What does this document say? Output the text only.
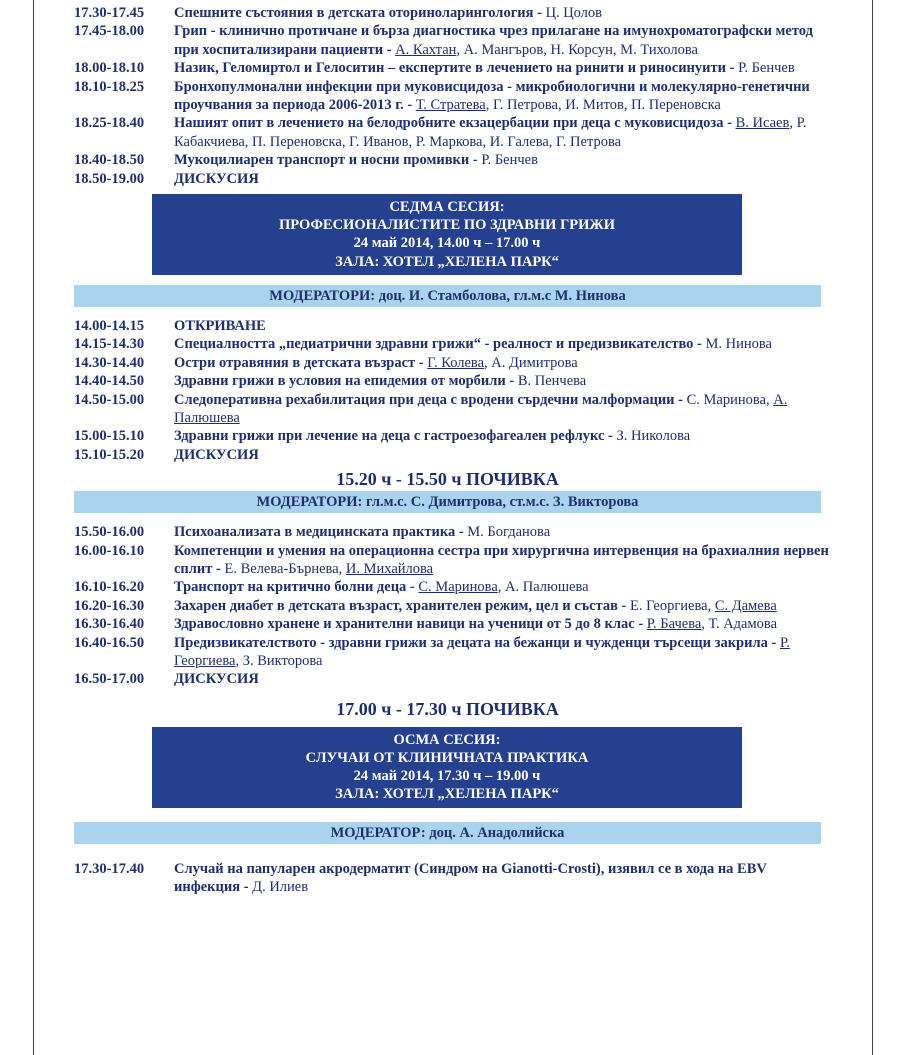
17.30-17.45	Спешните състояния в детската оториноларингология - Ц. Цолов
17.45-18.00	Грип - клинично протичане и бърза диагностика чрез прилагане на имунохроматографски метод при хоспитализирани пациенти - А. Кахтан, А. Мангъров, Н. Корсун, М. Тихолова
18.00-18.10	Назик, Геломиртол и Гелоситин – експертите в лечението на ринити и риносинуити - Р. Бенчев
18.10-18.25	Бронхопулмонални инфекции при муковисцидоза - микробиологични и молекулярно-генетични проучвания за периода 2006-2013 г. - Т. Стратева, Г. Петрова, И. Митов, П. Переновска
18.25-18.40	Нашият опит в лечението на белодробните екзацербации при деца с муковисцидоза - В. Исаев, Р. Кабакчиева, П. Переновска, Г. Иванов, Р. Маркова, И. Галева, Г. Петрова
18.40-18.50	Мукоцилиарен транспорт и носни промивки - Р. Бенчев
18.50-19.00	ДИСКУСИЯ
СЕДМА СЕСИЯ:
ПРОФЕСИОНАЛИСТИТЕ ПО ЗДРАВНИ ГРИЖИ
24 май 2014, 14.00 ч – 17.00 ч
ЗАЛА: ХОТЕЛ „ХЕЛЕНА ПАРК“
МОДЕРАТОРИ: доц. И. Стамболова, гл.м.с М. Нинова
14.00-14.15	ОТКРИВАНЕ
14.15-14.30	Специалността „педиатрични здравни грижи“ - реалност и предизвикателство - М. Нинова
14.30-14.40	Остри отравяния в детската възраст - Г. Колева, А. Димитрова
14.40-14.50	Здравни грижи в условия на епидемия от морбили - В. Пенчева
14.50-15.00	Следоперативна рехабилитация при деца с вродени сърдечни малформации - С. Маринова, А. Палюшева
15.00-15.10	Здравни грижи при лечение на деца с гастроезофагеален рефлукс - З. Николова
15.10-15.20	ДИСКУСИЯ
15.20 ч - 15.50 ч ПОЧИВКА
МОДЕРАТОРИ: гл.м.с. С. Димитрова, ст.м.с. З. Викторова
15.50-16.00	Психоанализата в медицинската практика - М. Богданова
16.00-16.10	Компетенции и умения на операционна сестра при хирургична интервенция на брахиалния нервен сплит - Е. Велева-Бърнева, И. Михайлова
16.10-16.20	Транспорт на критично болни деца - С. Маринова, А. Палюшева
16.20-16.30	Захарен диабет в детската възраст, хранителен режим, цел и състав - Е. Георгиева, С. Дамева
16.30-16.40	Здравословно хранене и хранителни навици на ученици от 5 до 8 клас - Р. Бачева, Т. Адамова
16.40-16.50	Предизвикателството - здравни грижи за децата на бежанци и чужденци търсещи закрила - Р. Георгиева, З. Викторова
16.50-17.00	ДИСКУСИЯ
17.00 ч - 17.30 ч ПОЧИВКА
ОСМА СЕСИЯ:
СЛУЧАИ ОТ КЛИНИЧНАТА ПРАКТИКА
24 май 2014, 17.30 ч – 19.00 ч
ЗАЛА: ХОТЕЛ „ХЕЛЕНА ПАРК“
МОДЕРАТОР: доц. А. Анадолийска
17.30-17.40	Случай на папуларен акродерматит (Синдром на Gianotti-Crosti), изявил се в хода на EBV инфекция - Д. Илиев
